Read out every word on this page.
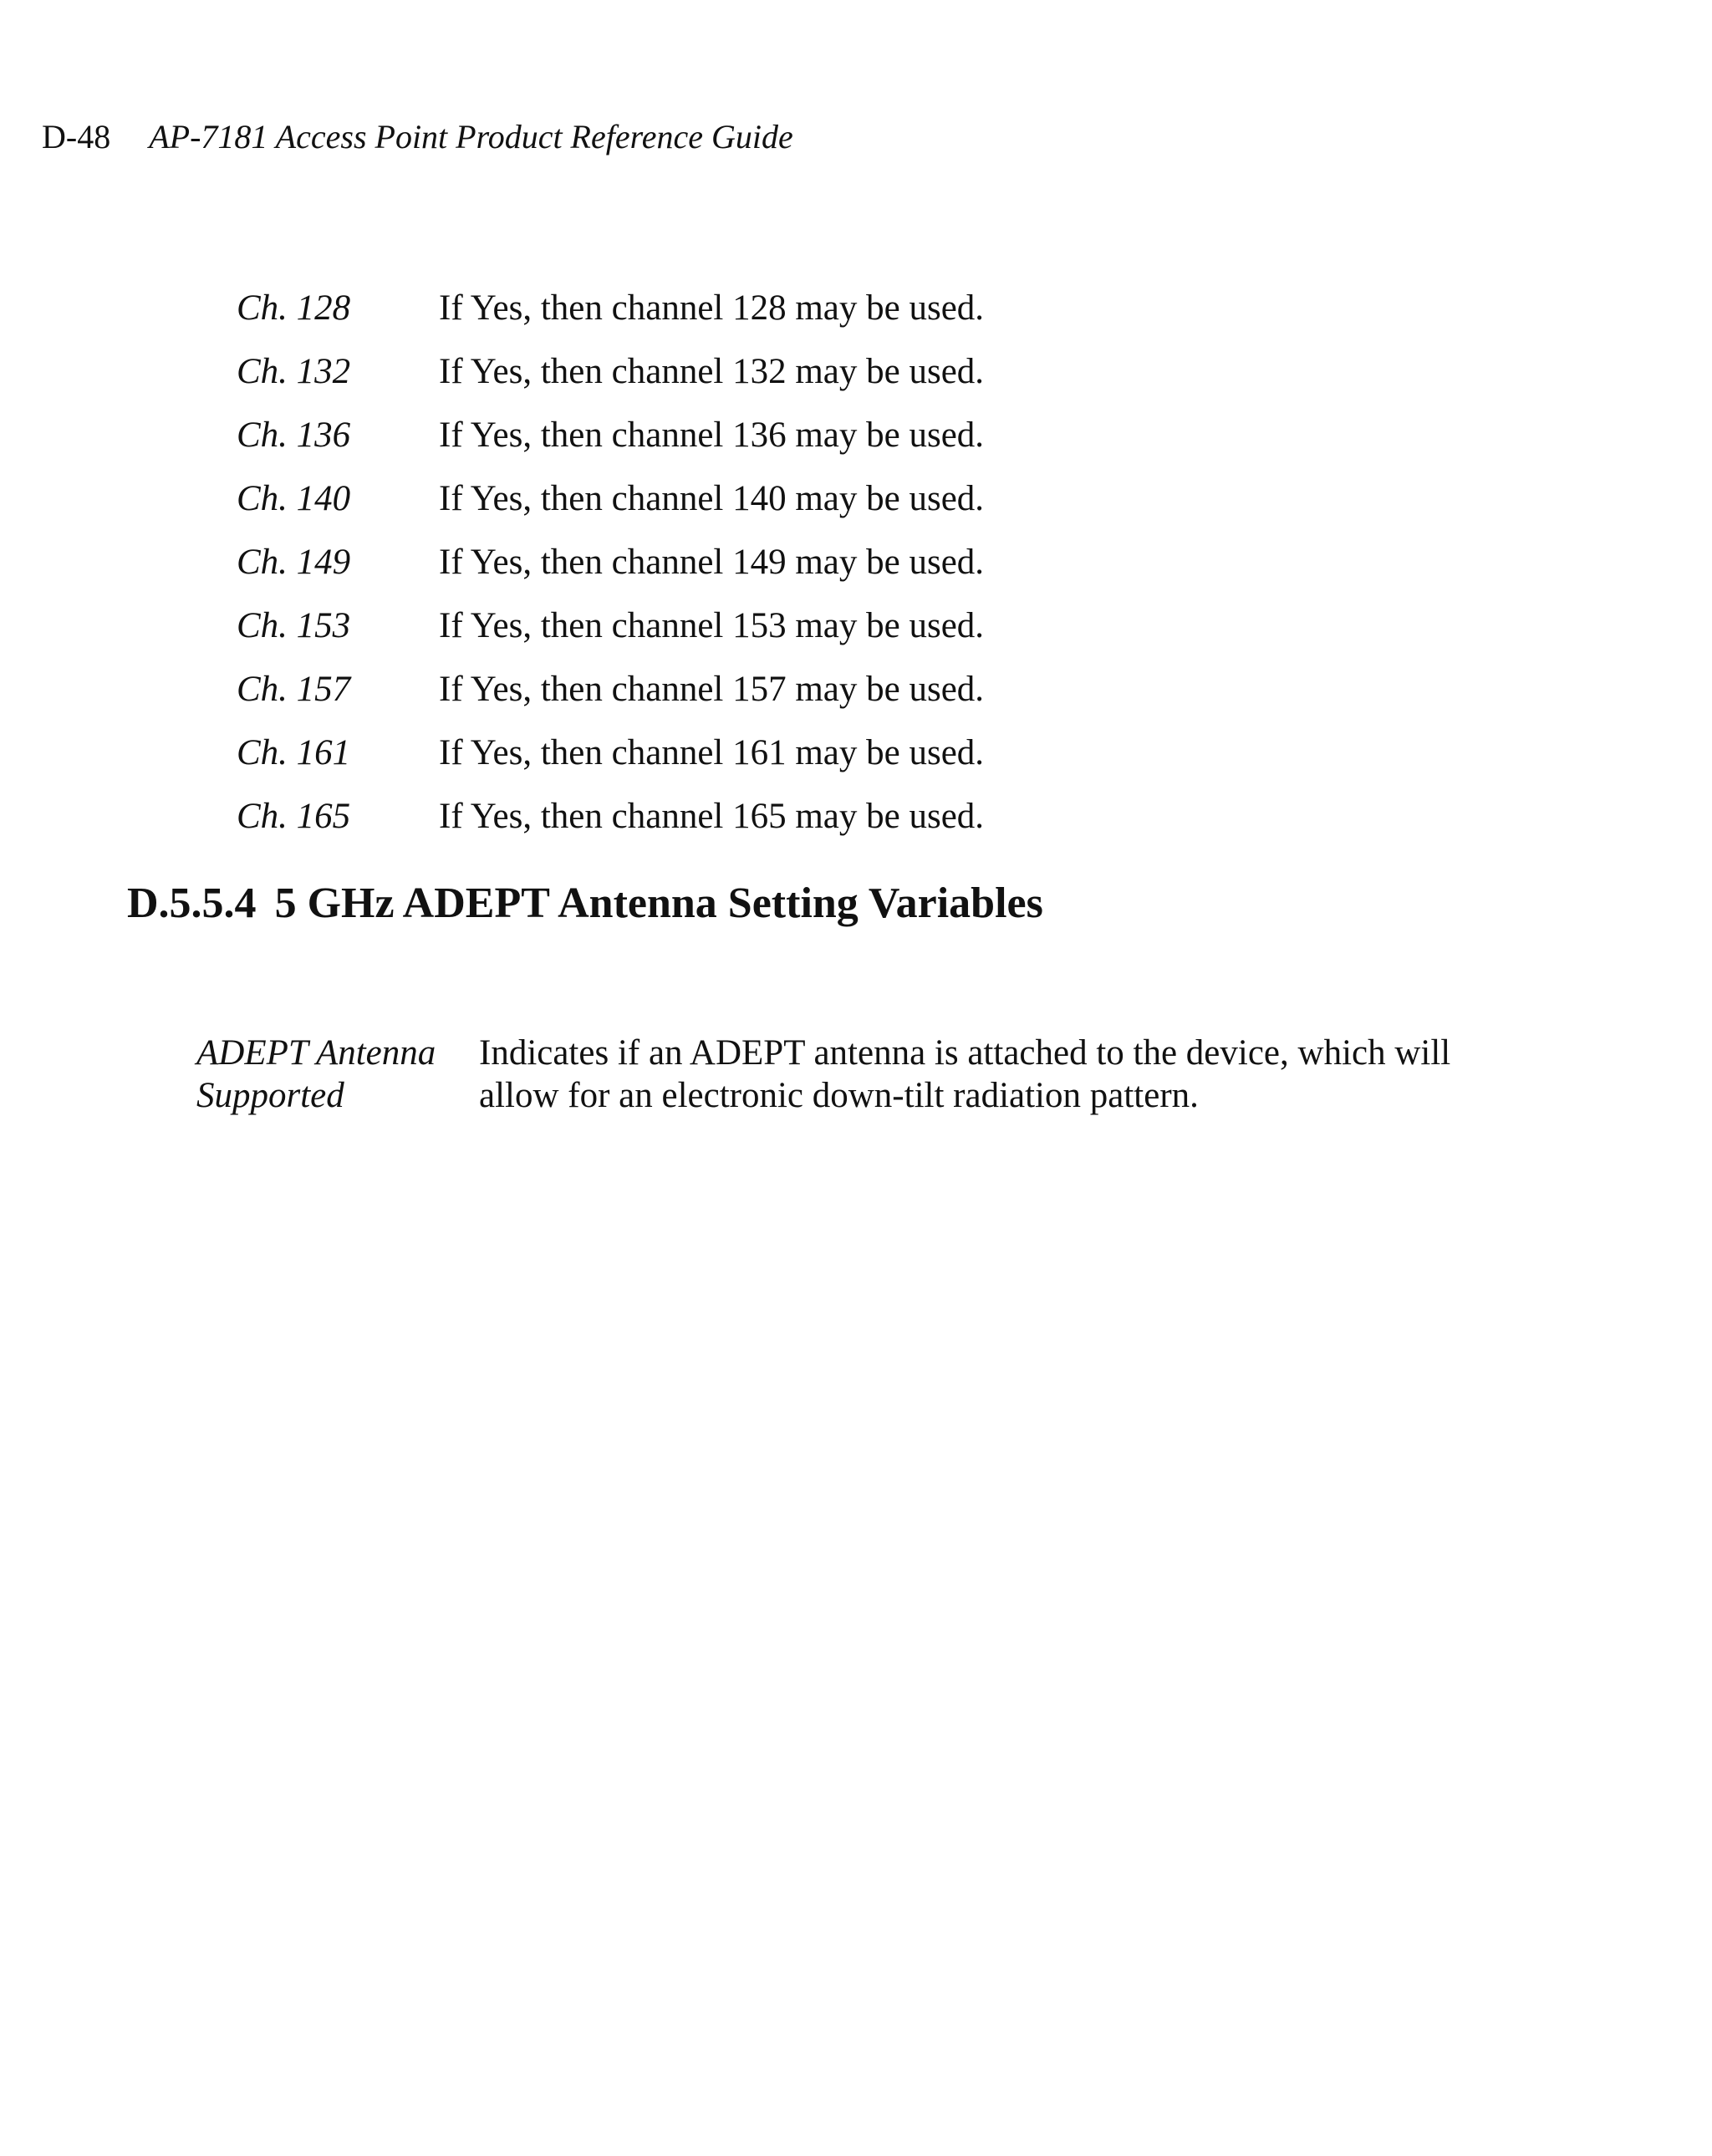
D-48 AP-7181 Access Point Product Reference Guide
Ch. 128 If Yes, then channel 128 may be used.
Ch. 132 If Yes, then channel 132 may be used.
Ch. 136 If Yes, then channel 136 may be used.
Ch. 140 If Yes, then channel 140 may be used.
Ch. 149 If Yes, then channel 149 may be used.
Ch. 153 If Yes, then channel 153 may be used.
Ch. 157 If Yes, then channel 157 may be used.
Ch. 161 If Yes, then channel 161 may be used.
Ch. 165 If Yes, then channel 165 may be used.
D.5.5.4 5 GHz ADEPT Antenna Setting Variables
ADEPT Antenna
Supported
Indicates if an ADEPT antenna is attached to the device, which will
allow for an electronic down-tilt radiation pattern.
